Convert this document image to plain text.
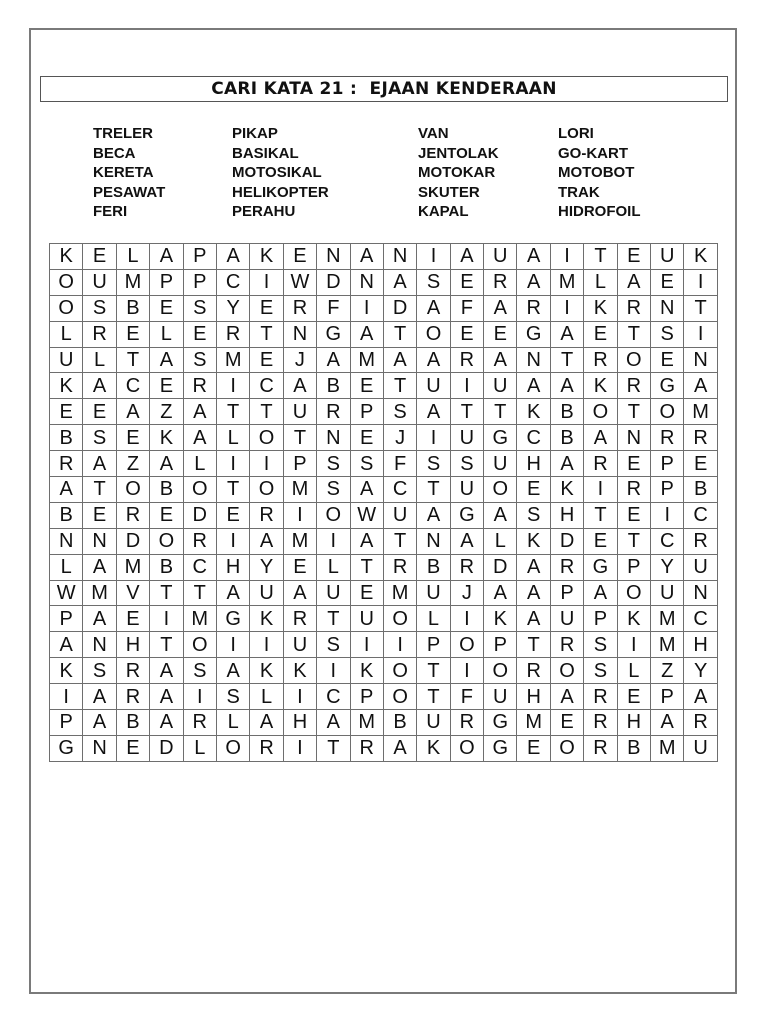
CARI KATA 21 :  EJAAN KENDERAAN
TRELER
BECA
KERETA
PESAWAT
FERI
PIKAP
BASIKAL
MOTOSIKAL
HELIKOPTER
PERAHU
VAN
JENTOLAK
MOTOKAR
SKUTER
KAPAL
LORI
GO-KART
MOTOBOT
TRAK
HIDROFOIL
K	E	L	A	P	A	K	E	N	A	N	I	A	U	A	I	T	E	U	K
O	U	M	P	P	C	I	W	D	N	A	S	E	R	A	M	L	A	E	I
O	S	B	E	S	Y	E	R	F	I	D	A	F	A	R	I	K	R	N	T
L	R	E	L	E	R	T	N	G	A	T	O	E	E	G	A	E	T	S	I
U	L	T	A	S	M	E	J	A	M	A	A	R	A	N	T	R	O	E	N
K	A	C	E	R	I	C	A	B	E	T	U	I	U	A	A	K	R	G	A
E	E	A	Z	A	T	T	U	R	P	S	A	T	T	K	B	O	T	O	M
B	S	E	K	A	L	O	T	N	E	J	I	U	G	C	B	A	N	R	R
R	A	Z	A	L	I	I	P	S	S	F	S	S	U	H	A	R	E	P	E
A	T	O	B	O	T	O	M	S	A	C	T	U	O	E	K	I	R	P	B
B	E	R	E	D	E	R	I	O	W	U	A	G	A	S	H	T	E	I	C
N	N	D	O	R	I	A	M	I	A	T	N	A	L	K	D	E	T	C	R
L	A	M	B	C	H	Y	E	L	T	R	B	R	D	A	R	G	P	Y	U
W	M	V	T	T	A	U	A	U	E	M	U	J	A	A	P	A	O	U	N
P	A	E	I	M	G	K	R	T	U	O	L	I	K	A	U	P	K	M	C
A	N	H	T	O	I	I	U	S	I	I	P	O	P	T	R	S	I	M	H
K	S	R	A	S	A	K	K	I	K	O	T	I	O	R	O	S	L	Z	Y
I	A	R	A	I	S	L	I	C	P	O	T	F	U	H	A	R	E	P	A
P	A	B	A	R	L	A	H	A	M	B	U	R	G	M	E	R	H	A	R
G	N	E	D	L	O	R	I	T	R	A	K	O	G	E	O	R	B	M	U
